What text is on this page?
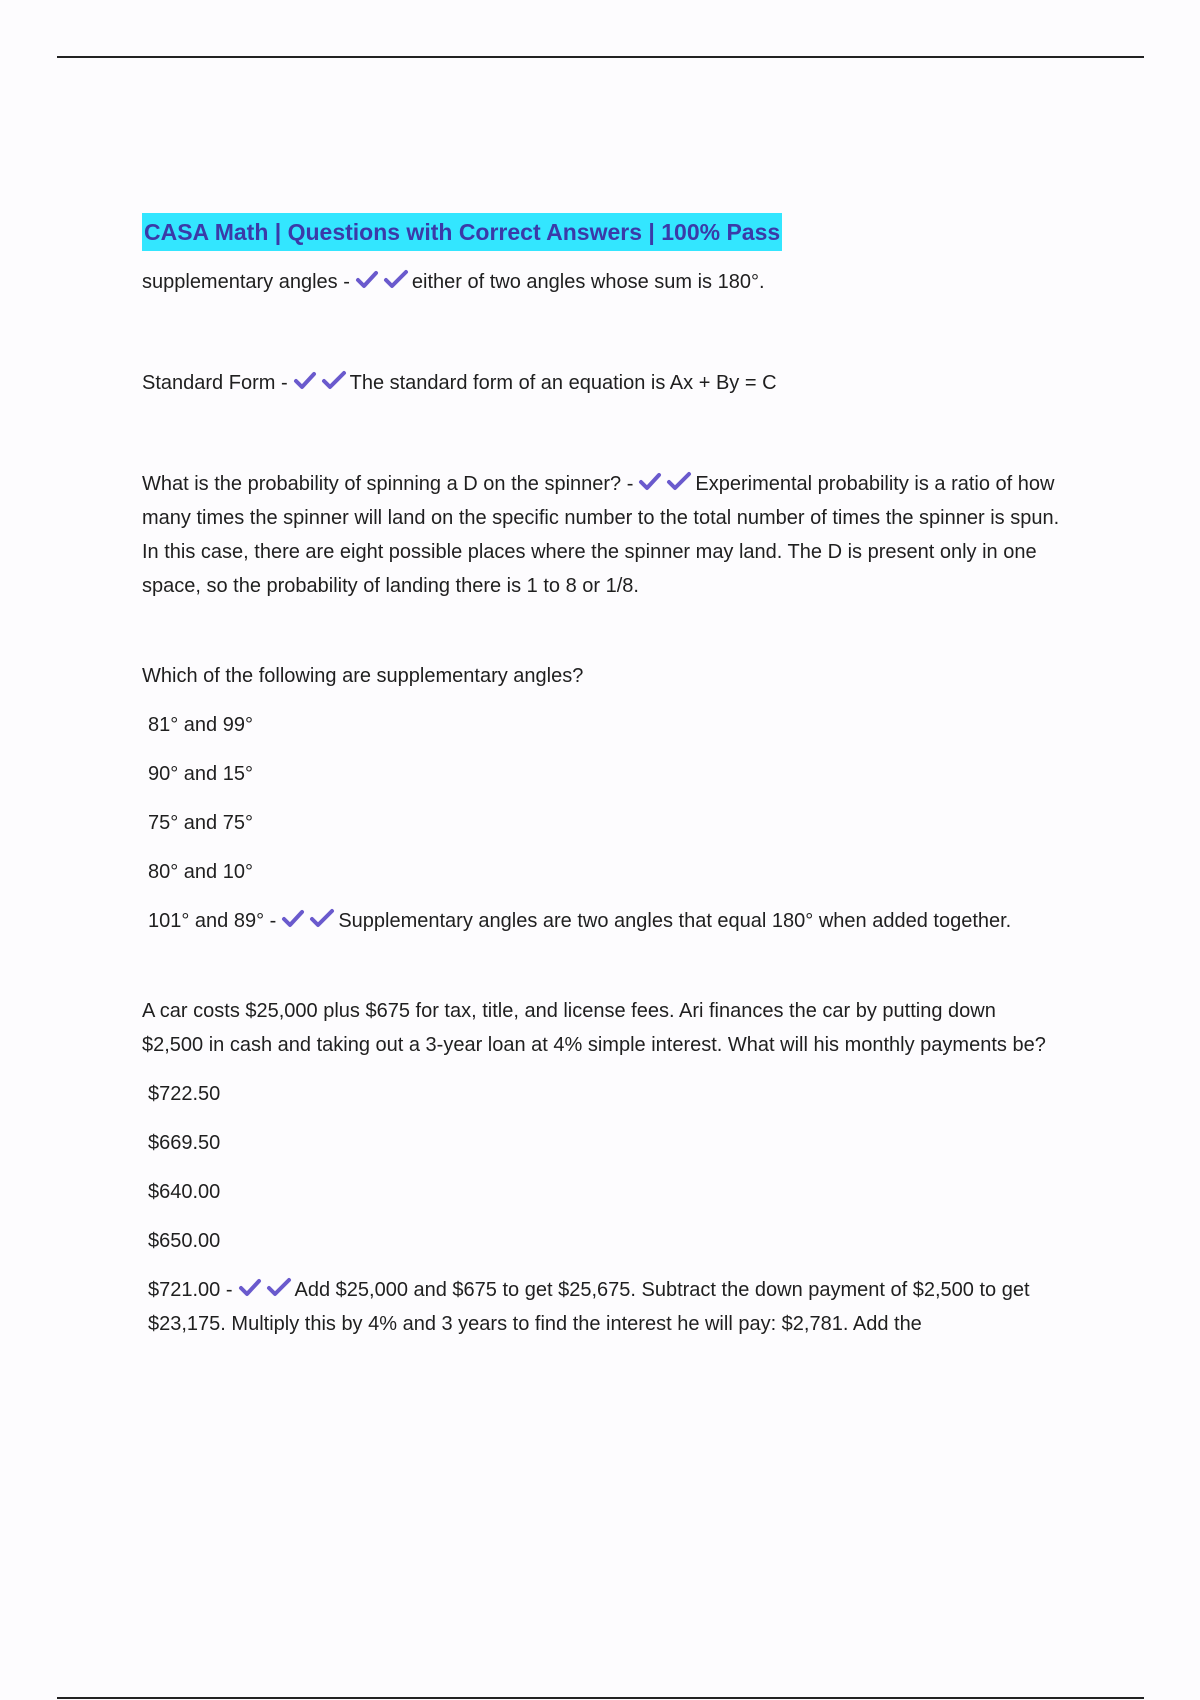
CASA Math | Questions with Correct Answers | 100% Pass

supplementary angles -	either of two angles whose sum is 180°.

Standard Form -	The standard form of an equation is Ax + By = C

What is the probability of spinning a D on the spinner? -	Experimental probability is a ratio of how many times the spinner will land on the specific number to the total number of times the spinner is spun. In this case, there are eight possible places where the spinner may land. The D is present only in one space, so the probability of landing there is 1 to 8 or 1/8.

Which of the following are supplementary angles?

81° and 99°

90° and 15°

75° and 75°

80° and 10°

101° and 89° -	Supplementary angles are two angles that equal 180° when added together.

A car costs $25,000 plus $675 for tax, title, and license fees. Ari finances the car by putting down $2,500 in cash and taking out a 3-year loan at 4% simple interest. What will his monthly payments be?

$722.50

$669.50

$640.00

$650.00

$721.00 -	Add $25,000 and $675 to get $25,675. Subtract the down payment of $2,500 to get $23,175. Multiply this by 4% and 3 years to find the interest he will pay: $2,781. Add the
